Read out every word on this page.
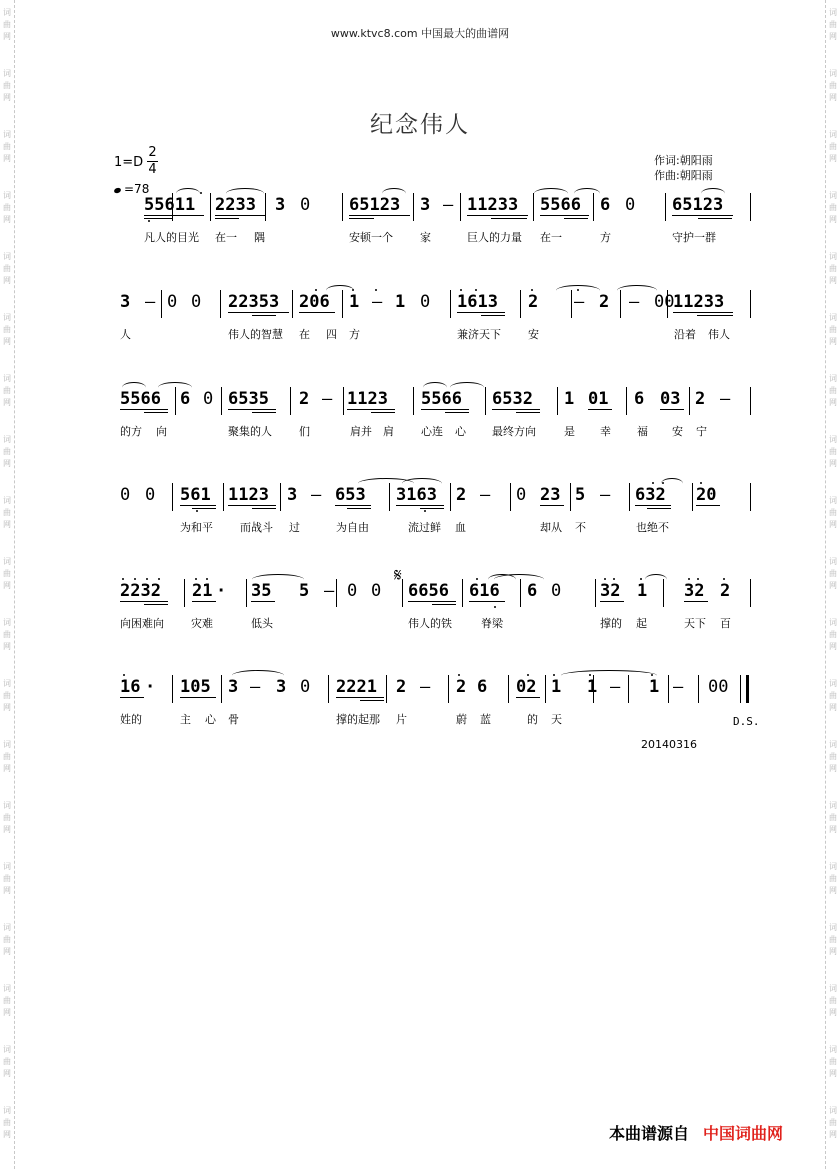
词
曲
网
词
曲
网
词
曲
网
词
曲
网
词
曲
网
词
曲
网
词
曲
网
词
曲
网
词
曲
网
词
曲
网
词
曲
网
词
曲
网
词
曲
网
词
曲
网
词
曲
网
词
曲
网
词
曲
网
词
曲
网
词
曲
网
词
曲
网
词
曲
网
词
曲
网
词
曲
网
词
曲
网
词
曲
网
词
曲
网
词
曲
网
词
曲
网
词
曲
网
词
曲
网
词
曲
网
词
曲
网
词
曲
网
词
曲
网
词
曲
网
词
曲
网
词
曲
网
词
曲
网
www.ktvc8.com 中国最大的曲谱网
纪念伟人
1=D
2
4
=78
作词:朝阳雨
作曲:朝阳雨
55611 2233 3 0 65123 3 – 11233 5566 6 0 65123
凡人的目光 在一 隅	安顿一个 家	巨人的力量 在一	方	守护一群
3 – 0 0 22353 206 1 – 1 0 1613 2 – 2 – 00
11233
人	伟人的智慧 在 四 方	兼济天下 安	沿着 伟人
5566 6 0 6535 2 – 1123 5566 6532 1 01 6 03 2 –
的方 向	聚集的人 们	肩并 肩 心连 心 最终方向	是 幸 福 安 宁
0 0 561 1123 3 – 653 3163 2 – 0 23 5 – 632 20
为和平 而战斗 过	为自由	流过鲜 血	却从 不	也绝不
2232 21 · 35 5 – 0 0 6656 616 6 0 32 1 32 2
向困难向 灾难	低头	伟人的铁	脊梁	撑的 起	天下 百
16 · 105 3 – 3 0 2221 2 – 2 6 02 1 1 – 1 – 00
姓的	主 心 骨	撑的起那 片	蔚 蓝	的 天
𝄋
D.S.
20140316
本曲谱源自 中国词曲网
